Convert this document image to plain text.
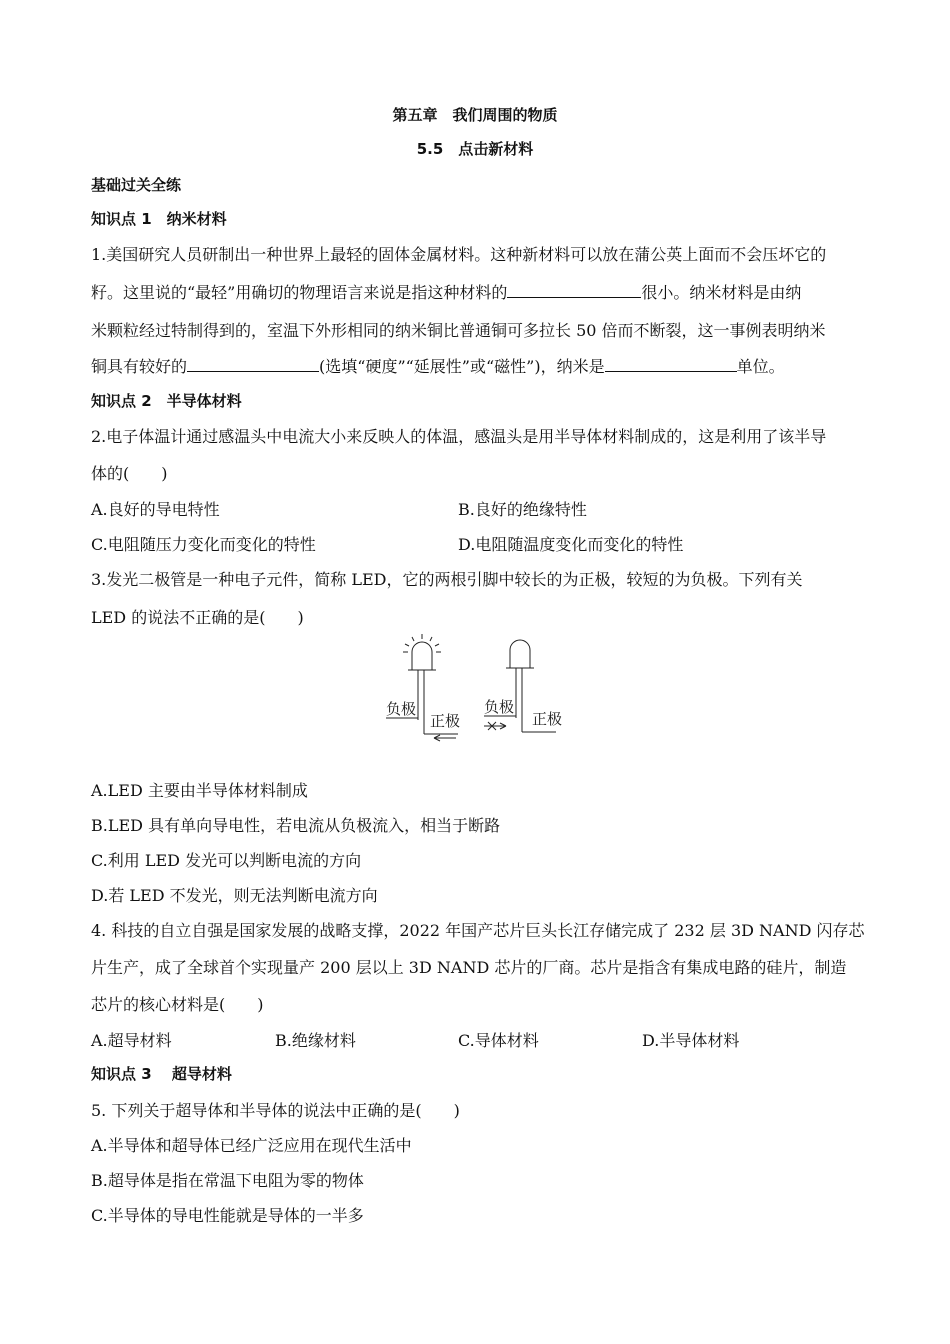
第五章　我们周围的物质
5.5　点击新材料
基础过关全练
知识点 1　纳米材料
1.美国研究人员研制出一种世界上最轻的固体金属材料。这种新材料可以放在蒲公英上面而不会压坏它的
籽。这里说的“最轻”用确切的物理语言来说是指这种材料的	很小。纳米材料是由纳
米颗粒经过特制得到的，室温下外形相同的纳米铜比普通铜可多拉长 50 倍而不断裂，这一事例表明纳米
铜具有较好的	(选填“硬度”“延展性”或“磁性”)，纳米是	单位。
知识点 2　半导体材料
2.电子体温计通过感温头中电流大小来反映人的体温，感温头是用半导体材料制成的，这是利用了该半导
体的(　　)
A.良好的导电特性	B.良好的绝缘特性
C.电阻随压力变化而变化的特性	D.电阻随温度变化而变化的特性
3.发光二极管是一种电子元件，简称 LED，它的两根引脚中较长的为正极，较短的为负极。下列有关
LED 的说法不正确的是(　　)
负极
正极
负极
正极
A.LED 主要由半导体材料制成
B.LED 具有单向导电性，若电流从负极流入，相当于断路
C.利用 LED 发光可以判断电流的方向
D.若 LED 不发光，则无法判断电流方向
4. 科技的自立自强是国家发展的战略支撑，2022 年国产芯片巨头长江存储完成了 232 层 3D NAND 闪存芯
片生产，成了全球首个实现量产 200 层以上 3D NAND 芯片的厂商。芯片是指含有集成电路的硅片，制造
芯片的核心材料是(　　)
A.超导材料	B.绝缘材料	C.导体材料	D.半导体材料
知识点 3　 超导材料
5. 下列关于超导体和半导体的说法中正确的是(　　)
A.半导体和超导体已经广泛应用在现代生活中
B.超导体是指在常温下电阻为零的物体
C.半导体的导电性能就是导体的一半多
